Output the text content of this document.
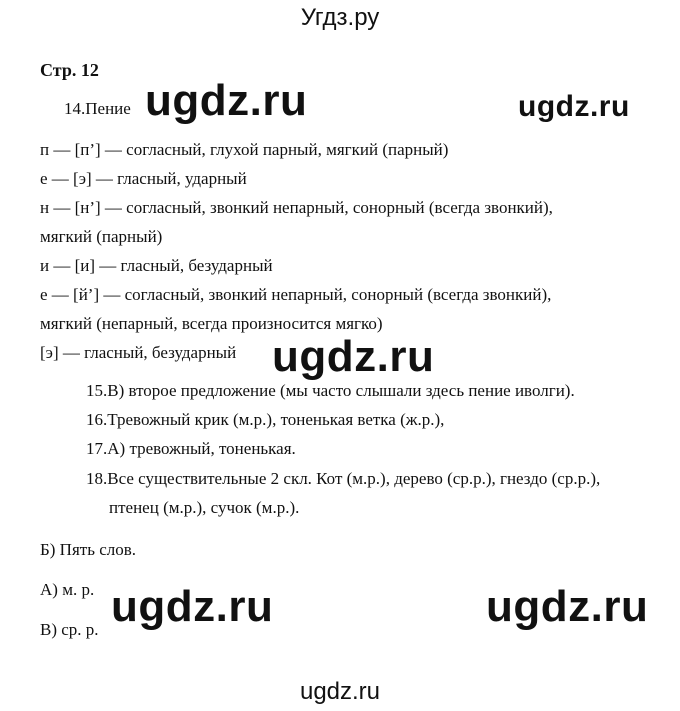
Угдз.ру
Стр. 12
14.Пение ugdz.ru	ugdz.ru
п — [п’] — согласный, глухой парный, мягкий (парный)
е — [э] — гласный, ударный
н — [н’] — согласный, звонкий непарный, сонорный (всегда звонкий),
мягкий (парный)
и — [и] — гласный, безударный
е — [й’] — согласный, звонкий непарный, сонорный (всегда звонкий),
мягкий (непарный, всегда произносится мягко)
[э] — гласный, безударный ugdz.ru
15.В) второе предложение (мы часто слышали здесь пение иволги).
16.Тревожный крик (м.р.), тоненькая ветка (ж.р.),
17.А) тревожный, тоненькая.
18.Все существительные 2 скл. Кот (м.р.), дерево (ср.р.), гнездо (ср.р.),
птенец (м.р.), сучок (м.р.).
Б) Пять слов.
А) м. р.
В) ср. р. ugdz.ru	ugdz.ru
ugdz.ru
